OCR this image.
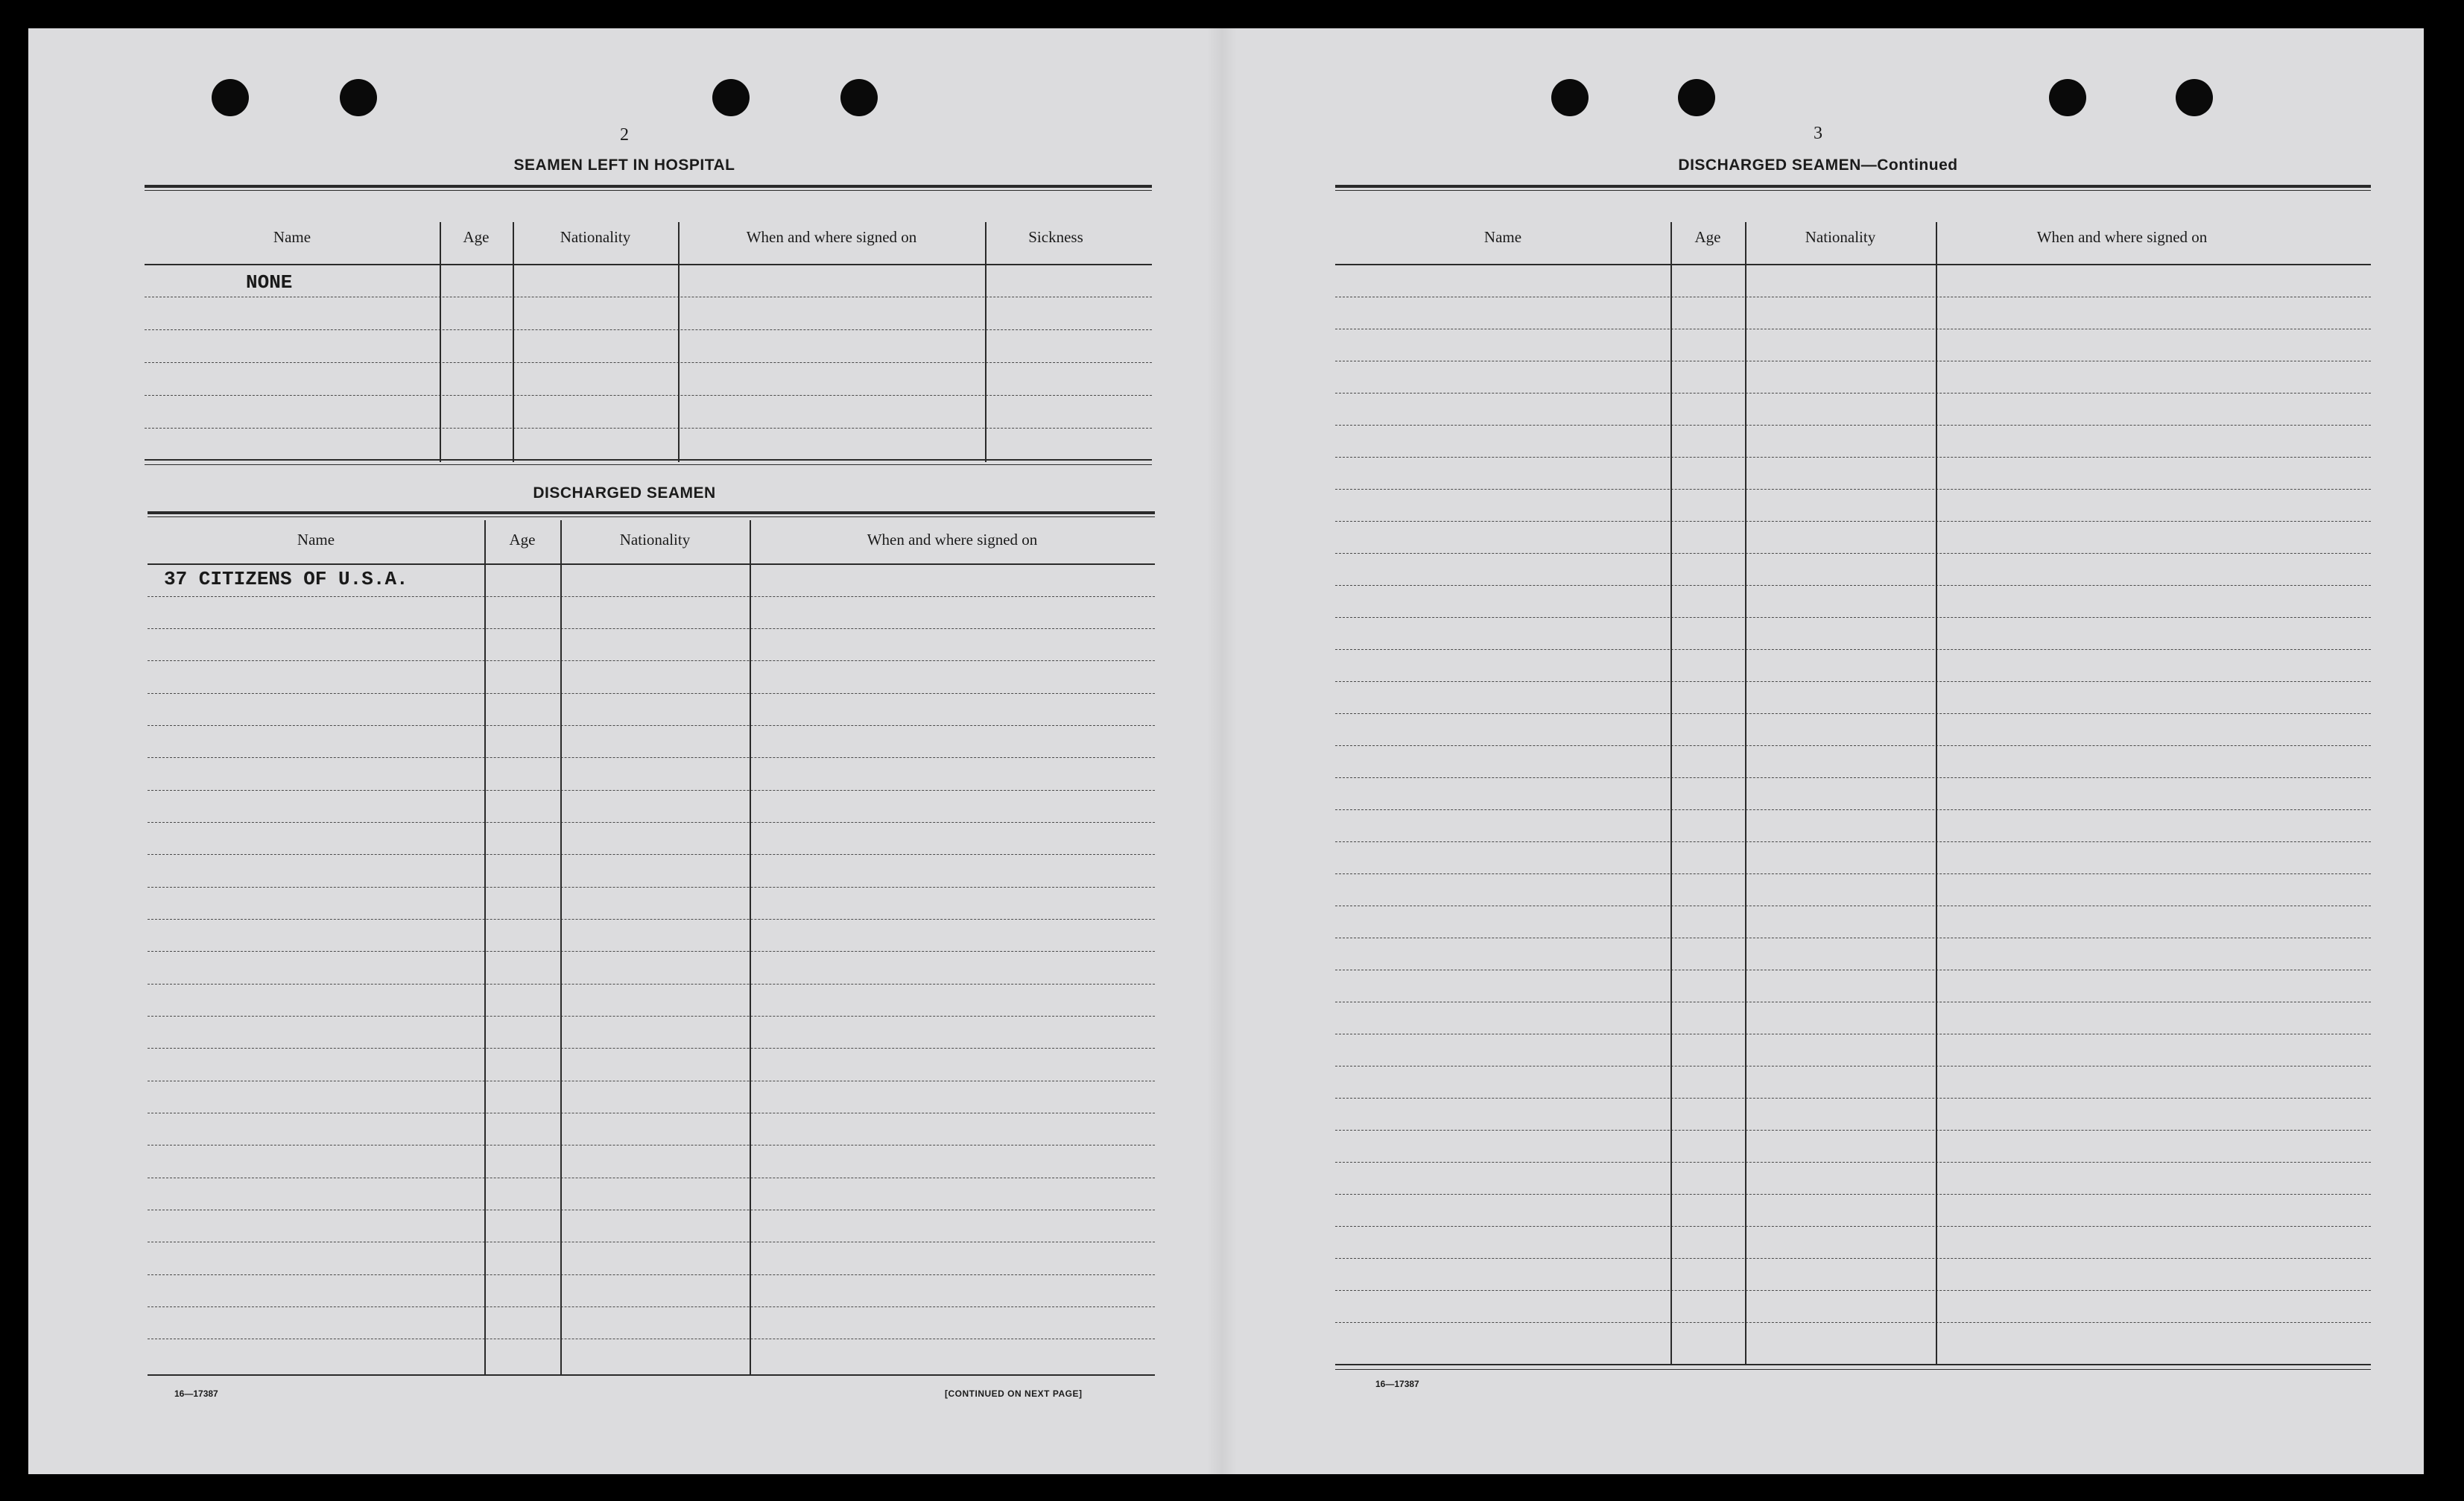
2
SEAMEN LEFT IN HOSPITAL
Name	Age	Nationality	When and where signed on	Sickness
NONE
DISCHARGED SEAMEN
Name	Age	Nationality	When and where signed on
37 CITIZENS OF U.S.A.
16—17387	[CONTINUED ON NEXT PAGE]
3
DISCHARGED SEAMEN—Continued
Name	Age	Nationality	When and where signed on
16—17387
